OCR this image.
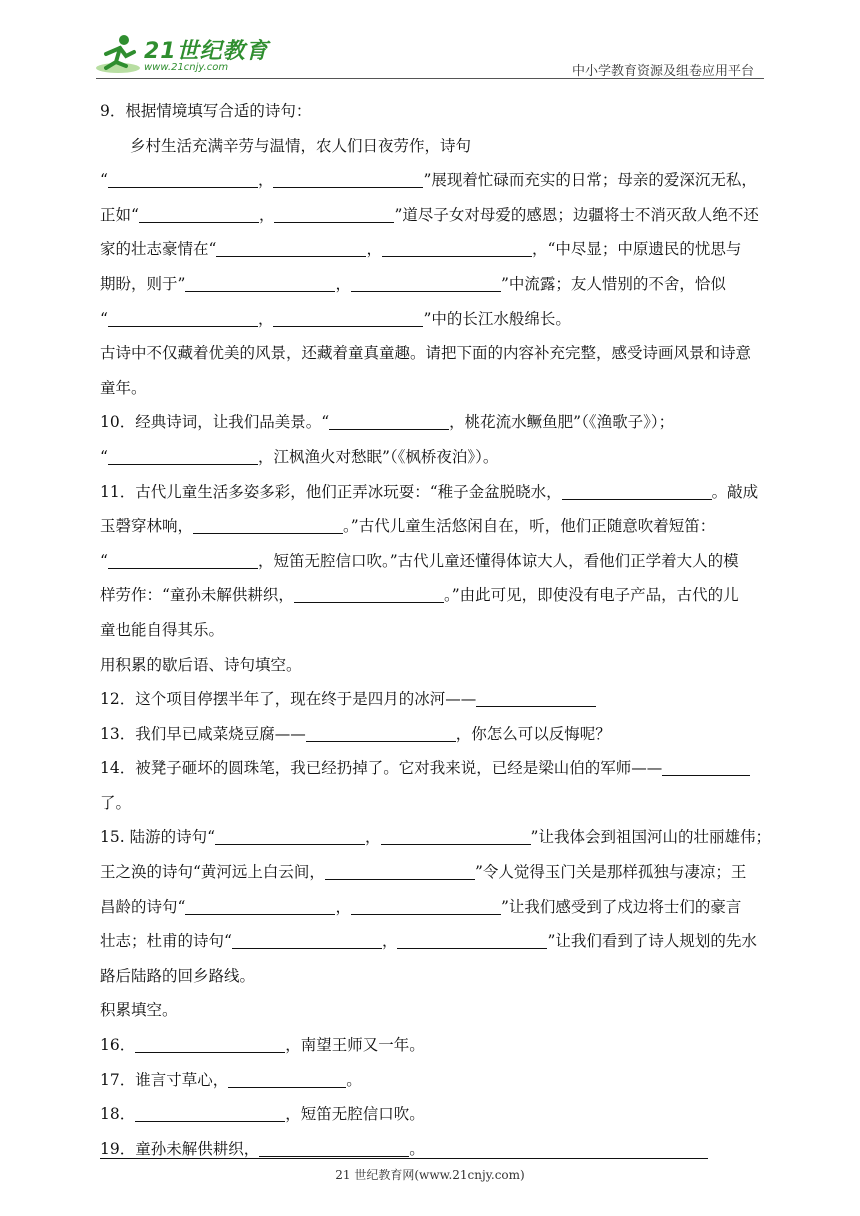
21世纪教育
www.21cnjy.com	中小学教育资源及组卷应用平台
9．根据情境填写合适的诗句：
乡村生活充满辛劳与温情，农人们日夜劳作，诗句
“	，	”展现着忙碌而充实的日常；母亲的爱深沉无私，
正如“	，	”道尽子女对母爱的感恩；边疆将士不消灭敌人绝不还
家的壮志豪情在“	，	，“中尽显；中原遗民的忧思与
期盼，则于”	，	”中流露；友人惜别的不舍，恰似
“	，	”中的长江水般绵长。
古诗中不仅藏着优美的风景，还藏着童真童趣。请把下面的内容补充完整，感受诗画风景和诗意
童年。
10．经典诗词，让我们品美景。“	，桃花流水鳜鱼肥”（《渔歌子》）；
“	，江枫渔火对愁眠”（《枫桥夜泊》）。
11．古代儿童生活多姿多彩，他们正弄冰玩耍：“稚子金盆脱晓水，	。敲成
玉磬穿林响，	。”古代儿童生活悠闲自在，听，他们正随意吹着短笛：
“	，短笛无腔信口吹。”古代儿童还懂得体谅大人，看他们正学着大人的模
样劳作：“童孙未解供耕织，	。”由此可见，即使没有电子产品，古代的儿
童也能自得其乐。
用积累的歇后语、诗句填空。
12．这个项目停摆半年了，现在终于是四月的冰河——
13．我们早已咸菜烧豆腐——	，你怎么可以反悔呢？
14．被凳子砸坏的圆珠笔，我已经扔掉了。它对我来说，已经是梁山伯的军师——
了。
15. 陆游的诗句“	，	”让我体会到祖国河山的壮丽雄伟；
王之涣的诗句“黄河远上白云间，	”令人觉得玉门关是那样孤独与凄凉；王
昌龄的诗句“	，	”让我们感受到了戍边将士们的豪言
壮志；杜甫的诗句“	，	”让我们看到了诗人规划的先水
路后陆路的回乡路线。
积累填空。
16．	，南望王师又一年。
17．谁言寸草心，	。
18．	，短笛无腔信口吹。
19．童孙未解供耕织，	。
21 世纪教育网(www.21cnjy.com)
